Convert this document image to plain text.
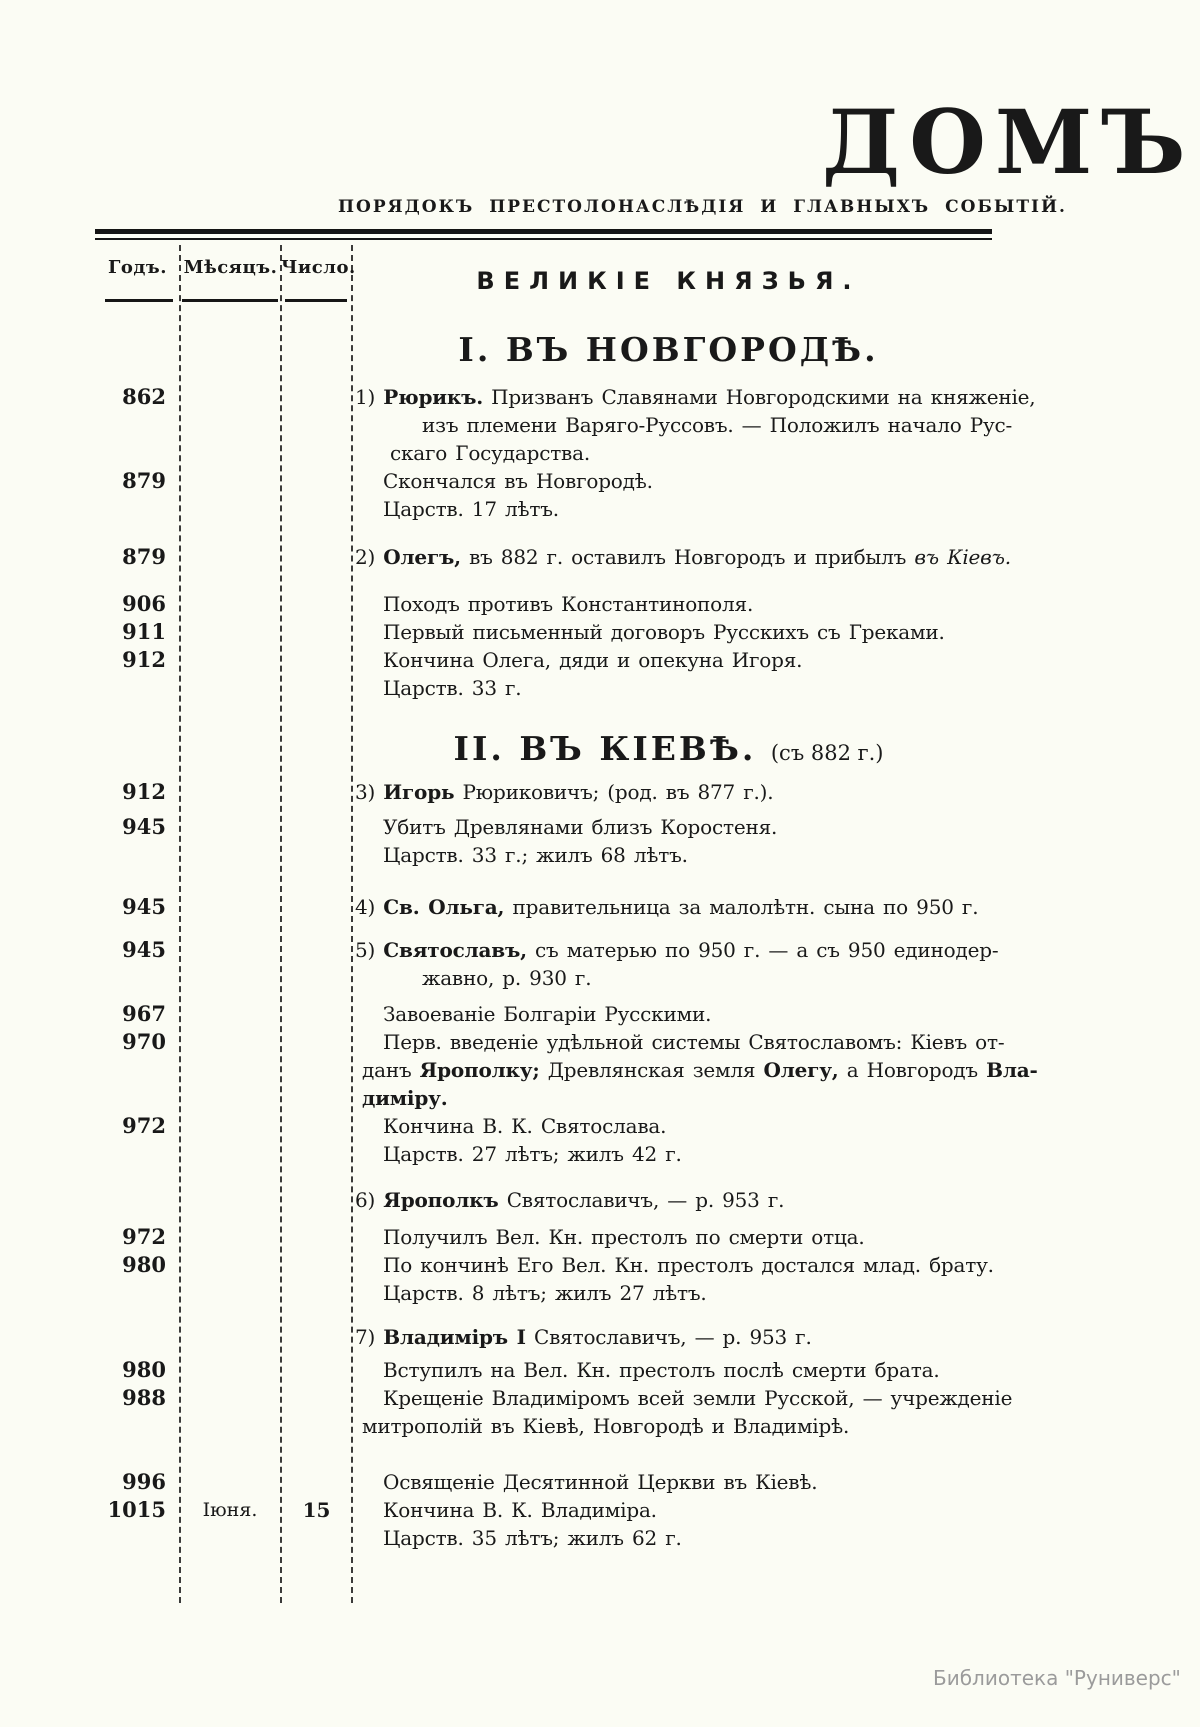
ДОМЪ
ПОРЯДОКЪ ПРЕСТОЛОНАСЛѢДІЯ И ГЛАВНЫХЪ СОБЫТІЙ.
Годъ. Мѣсяцъ. Число.	ВЕЛИКІЕ КНЯЗЬЯ.
I. ВЪ НОВГОРОДѢ.
862	1) Рюрикъ. Призванъ Славянами Новгородскими на княженіе,
изъ племени Варяго-Руссовъ. — Положилъ начало Рус-
скаго Государства.
879	Скончался въ Новгородѣ.
Царств. 17 лѣтъ.
879	2) Олегъ, въ 882 г. оставилъ Новгородъ и прибылъ въ Кіевъ.
906	Походъ противъ Константинополя.
911	Первый письменный договоръ Русскихъ съ Греками.
912	Кончина Олега, дяди и опекуна Игоря.
Царств. 33 г.
II. ВЪ КІЕВѢ. (съ 882 г.)
912	3) Игорь Рюриковичъ; (род. въ 877 г.).
945	Убитъ Древлянами близъ Коростеня.
Царств. 33 г.; жилъ 68 лѣтъ.
945	4) Св. Ольга, правительница за малолѣтн. сына по 950 г.
945	5) Святославъ, съ матерью по 950 г. — а съ 950 единодер-
жавно, р. 930 г.
967	Завоеваніе Болгаріи Русскими.
970	Перв. введеніе удѣльной системы Святославомъ: Кіевъ от-
данъ Ярополку; Древлянская земля Олегу, а Новгородъ Вла-
диміру.
972	Кончина В. К. Святослава.
Царств. 27 лѣтъ; жилъ 42 г.
6) Ярополкъ Святославичъ, — р. 953 г.
972	Получилъ Вел. Кн. престолъ по смерти отца.
980	По кончинѣ Его Вел. Кн. престолъ достался млад. брату.
Царств. 8 лѣтъ; жилъ 27 лѣтъ.
7) Владиміръ I Святославичъ, — р. 953 г.
980	Вступилъ на Вел. Кн. престолъ послѣ смерти брата.
988	Крещеніе Владиміромъ всей земли Русской, — учрежденіе
митрополій въ Кіевѣ, Новгородѣ и Владимірѣ.
996	Освященіе Десятинной Церкви въ Кіевѣ.
1015	Іюня.	15	Кончина В. К. Владиміра.
Царств. 35 лѣтъ; жилъ 62 г.
Библиотека "Руниверс"
